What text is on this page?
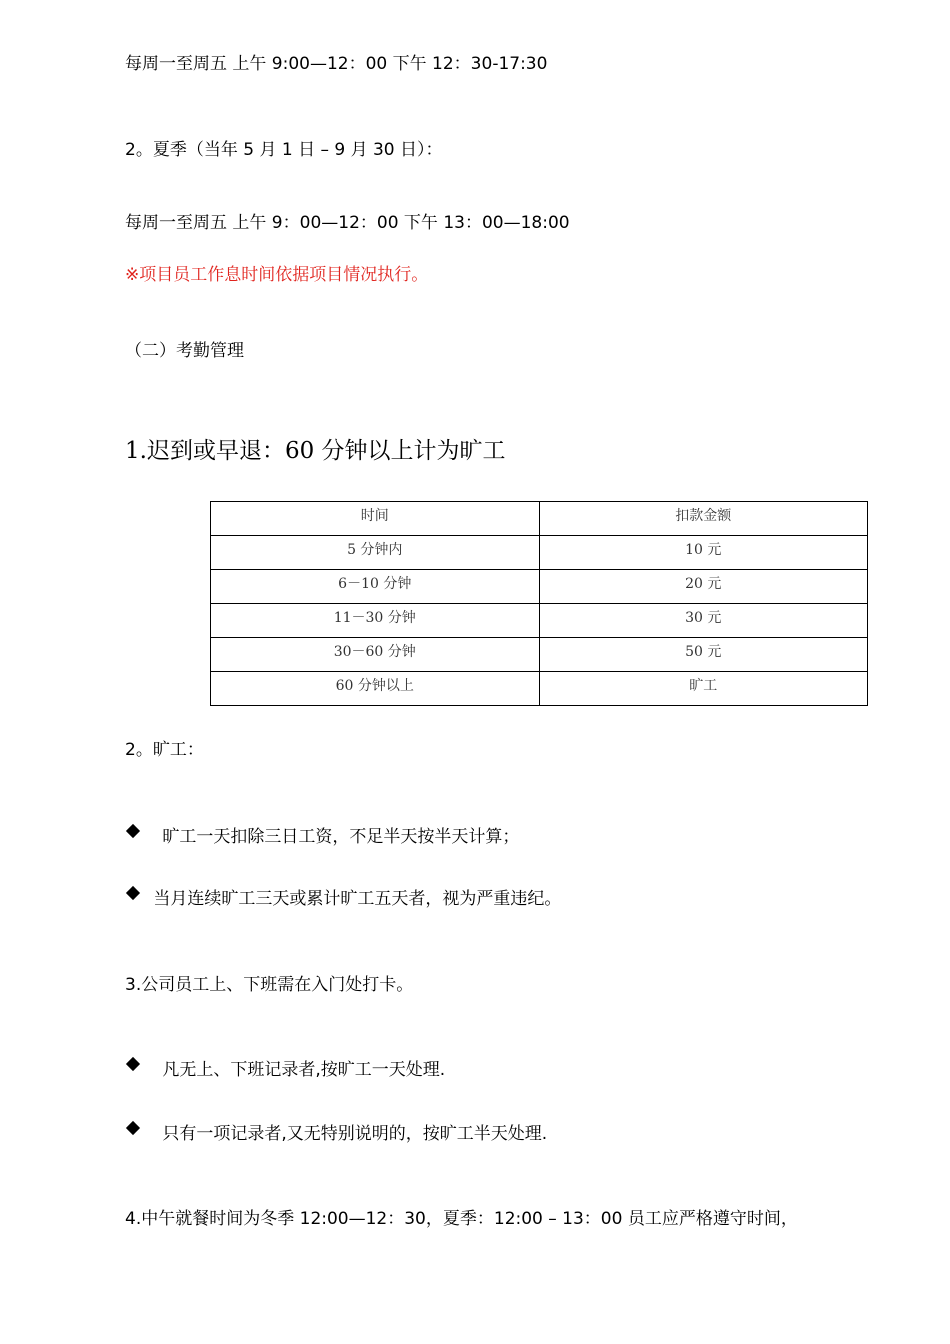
每周一至周五 上午 9:00—12：00 下午 12：30-17:30
2。夏季（当年 5 月 1 日 – 9 月 30 日）：
每周一至周五 上午 9：00—12：00 下午 13：00—18:00
※项目员工作息时间依据项目情况执行。
（二）考勤管理
1.迟到或早退：60 分钟以上计为旷工
时间	扣款金额
5 分钟内	10 元
6－10 分钟	20 元
11－30 分钟	30 元
30－60 分钟	50 元
60 分钟以上	旷工
2。旷工：
旷工一天扣除三日工资，不足半天按半天计算；
当月连续旷工三天或累计旷工五天者，视为严重违纪。
3.公司员工上、下班需在入门处打卡。
凡无上、下班记录者,按旷工一天处理.
只有一项记录者,又无特别说明的，按旷工半天处理.
4.中午就餐时间为冬季 12:00—12：30，夏季：12:00 – 13：00 员工应严格遵守时间，
